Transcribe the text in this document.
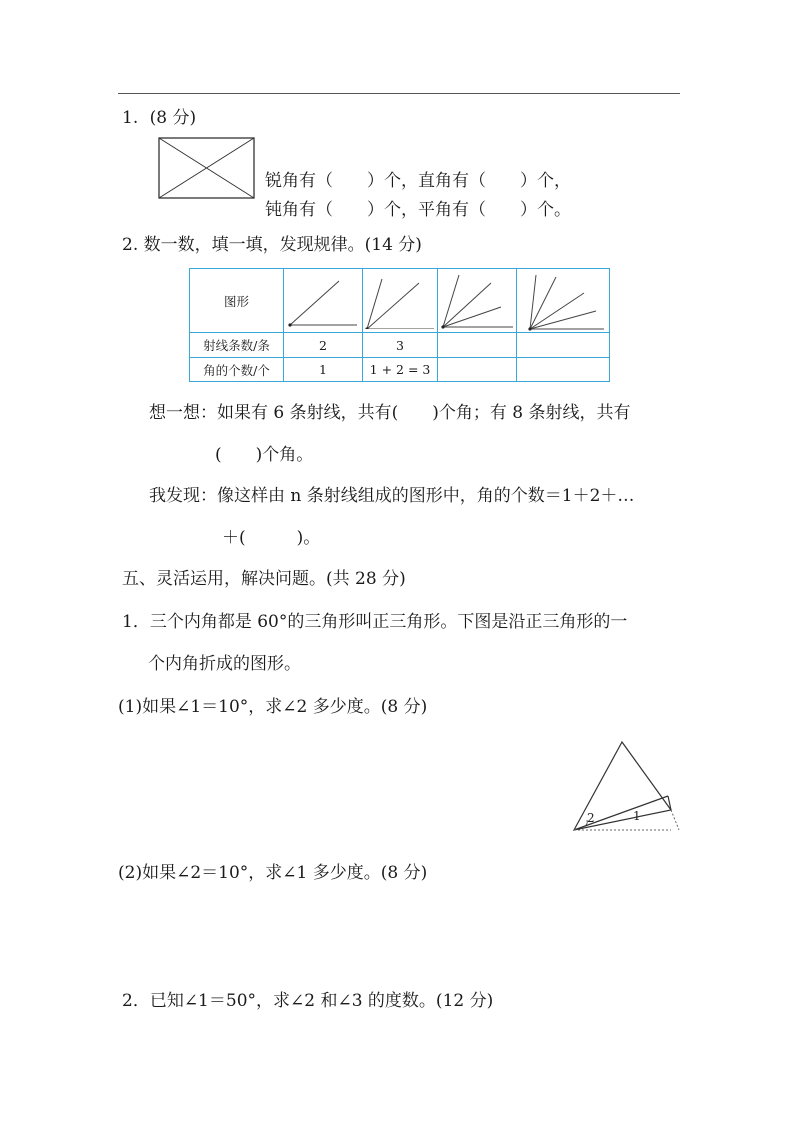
1. (8 分)
锐角有（　　）个，直角有（　　）个，
钝角有（　　）个，平角有（　　）个。
2. 数一数，填一填，发现规律。(14 分)
图形	

射线条数/条	2	3		
角的个数/个	1	1 + 2 = 3		
想一想：如果有 6 条射线，共有(　　)个角；有 8 条射线，共有
(　　)个角。
我发现：像这样由 n 条射线组成的图形中，角的个数＝1＋2＋…
＋(　　　)。
五、灵活运用，解决问题。(共 28 分)
1．三个内角都是 60°的三角形叫正三角形。下图是沿正三角形的一
个内角折成的图形。
(1)如果∠1＝10°，求∠2 多少度。(8 分)
2	1
(2)如果∠2＝10°，求∠1 多少度。(8 分)
2．已知∠1＝50°，求∠2 和∠3 的度数。(12 分)
